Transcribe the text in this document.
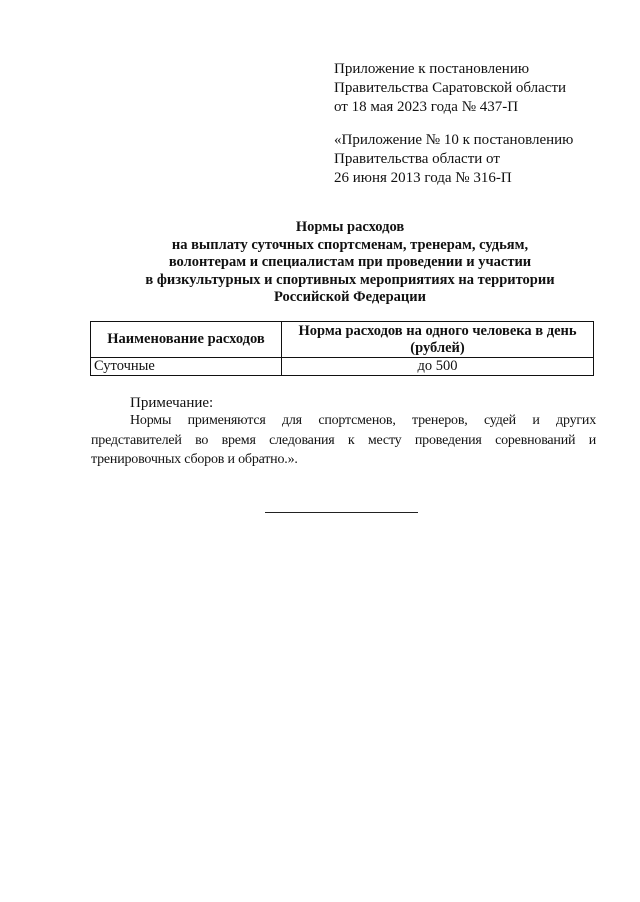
Приложение к постановлению
Правительства Саратовской области
от 18 мая 2023 года № 437-П
«Приложение № 10 к постановлению
Правительства области от
26 июня 2013 года № 316-П
Нормы расходов
на выплату суточных спортсменам, тренерам, судьям,
волонтерам и специалистам при проведении и участии
в физкультурных и спортивных мероприятиях на территории
Российской Федерации
Наименование расходов	Норма расходов на одного человека в день (рублей)
Суточные	до 500
Примечание:
Нормы применяются для спортсменов, тренеров, судей и других представителей во время следования к месту проведения соревнований и тренировочных сборов и обратно.».
